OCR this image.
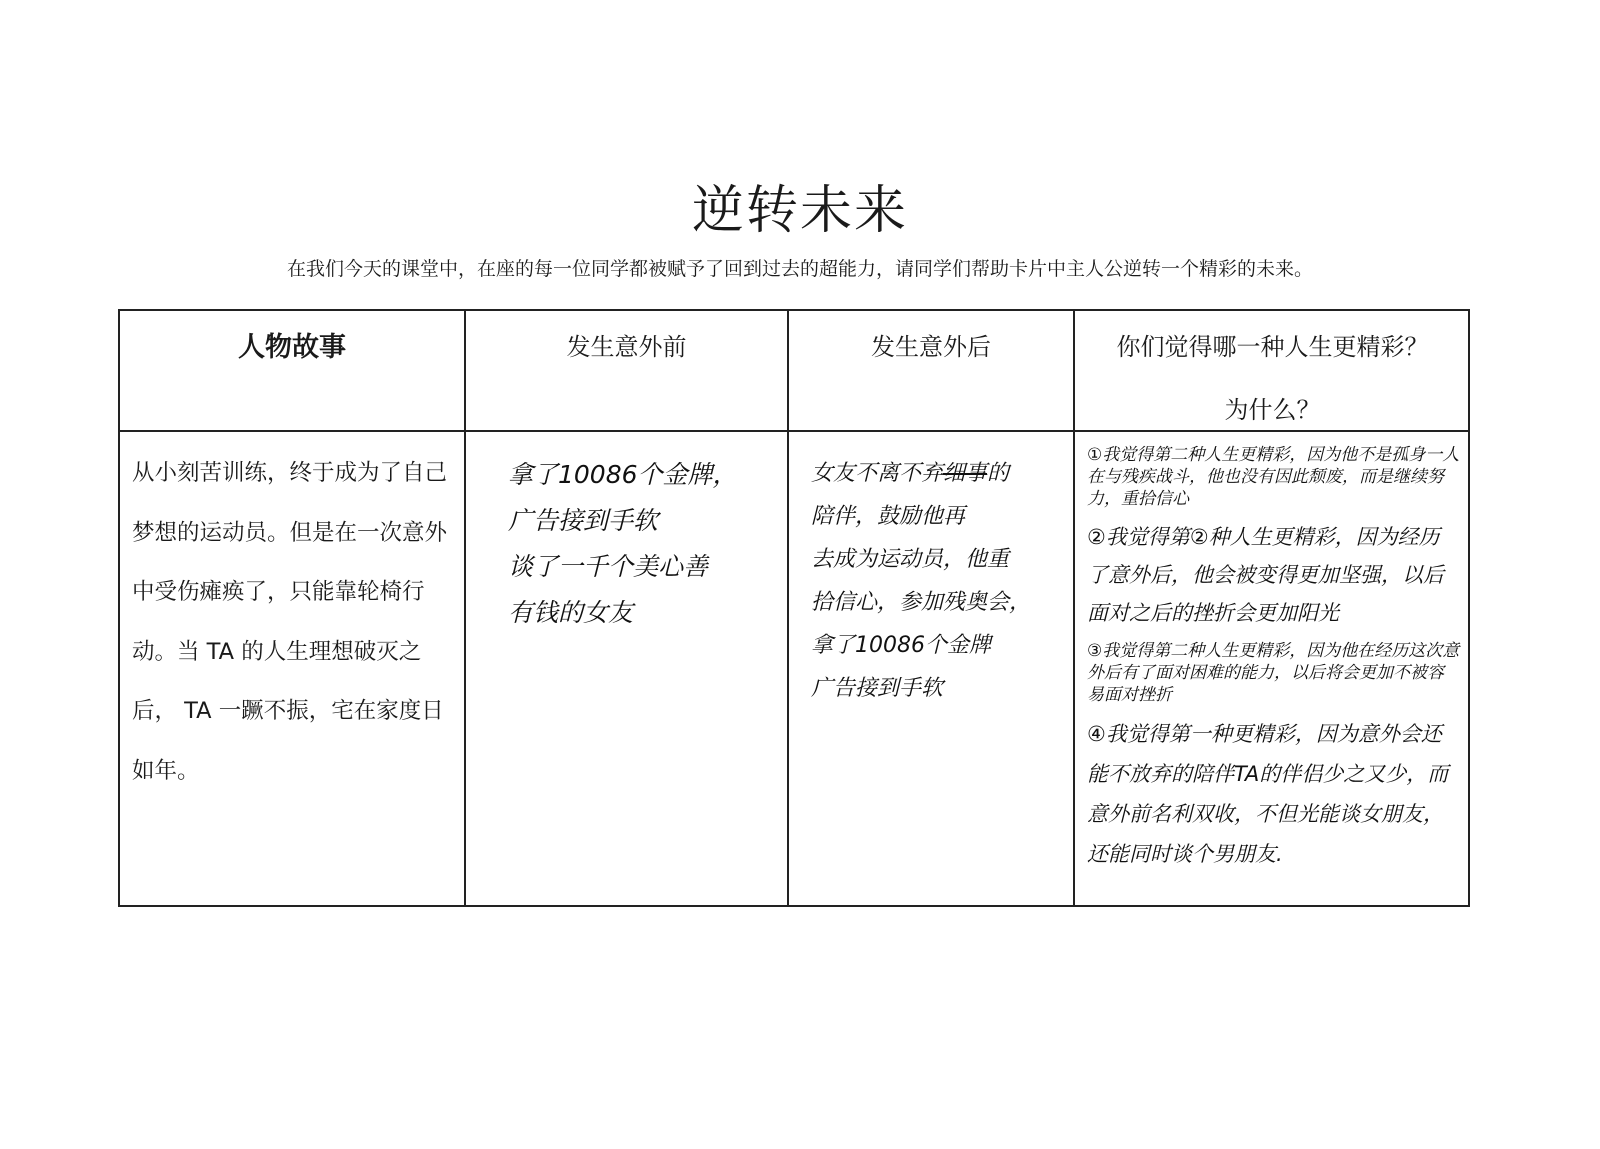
逆转未来
在我们今天的课堂中，在座的每一位同学都被赋予了回到过去的超能力，请同学们帮助卡片中主人公逆转一个精彩的未来。
人物故事

从小刻苦训练，终于成为了自己梦想的运动员。但是在一次意外中受伤瘫痪了，只能靠轮椅行动。当 TA 的人生理想破灭之后， TA 一蹶不振，宅在家度日如年。

发生意外前

拿了10086个金牌，
广告接到手软
谈了一千个美心善
有钱的女友

发生意外后

女友不离不弃细事的
陪伴，鼓励他再
去成为运动员，他重
拾信心，参加残奥会，
拿了10086个金牌
广告接到手软

你们觉得哪一种人生更精彩？
为什么？
①我觉得第二种人生更精彩，因为他不是孤身一人在与残疾战斗，他也没有因此颓废，而是继续努力，重拾信心
②我觉得第②种人生更精彩，因为经历了意外后，他会被变得更加坚强，以后面对之后的挫折会更加阳光
③我觉得第二种人生更精彩，因为他在经历这次意外后有了面对困难的能力，以后将会更加不被容易面对挫折
④我觉得第一种更精彩，因为意外会还能不放弃的陪伴TA的伴侣少之又少，而意外前名利双收，不但光能谈女朋友，还能同时谈个男朋友.
